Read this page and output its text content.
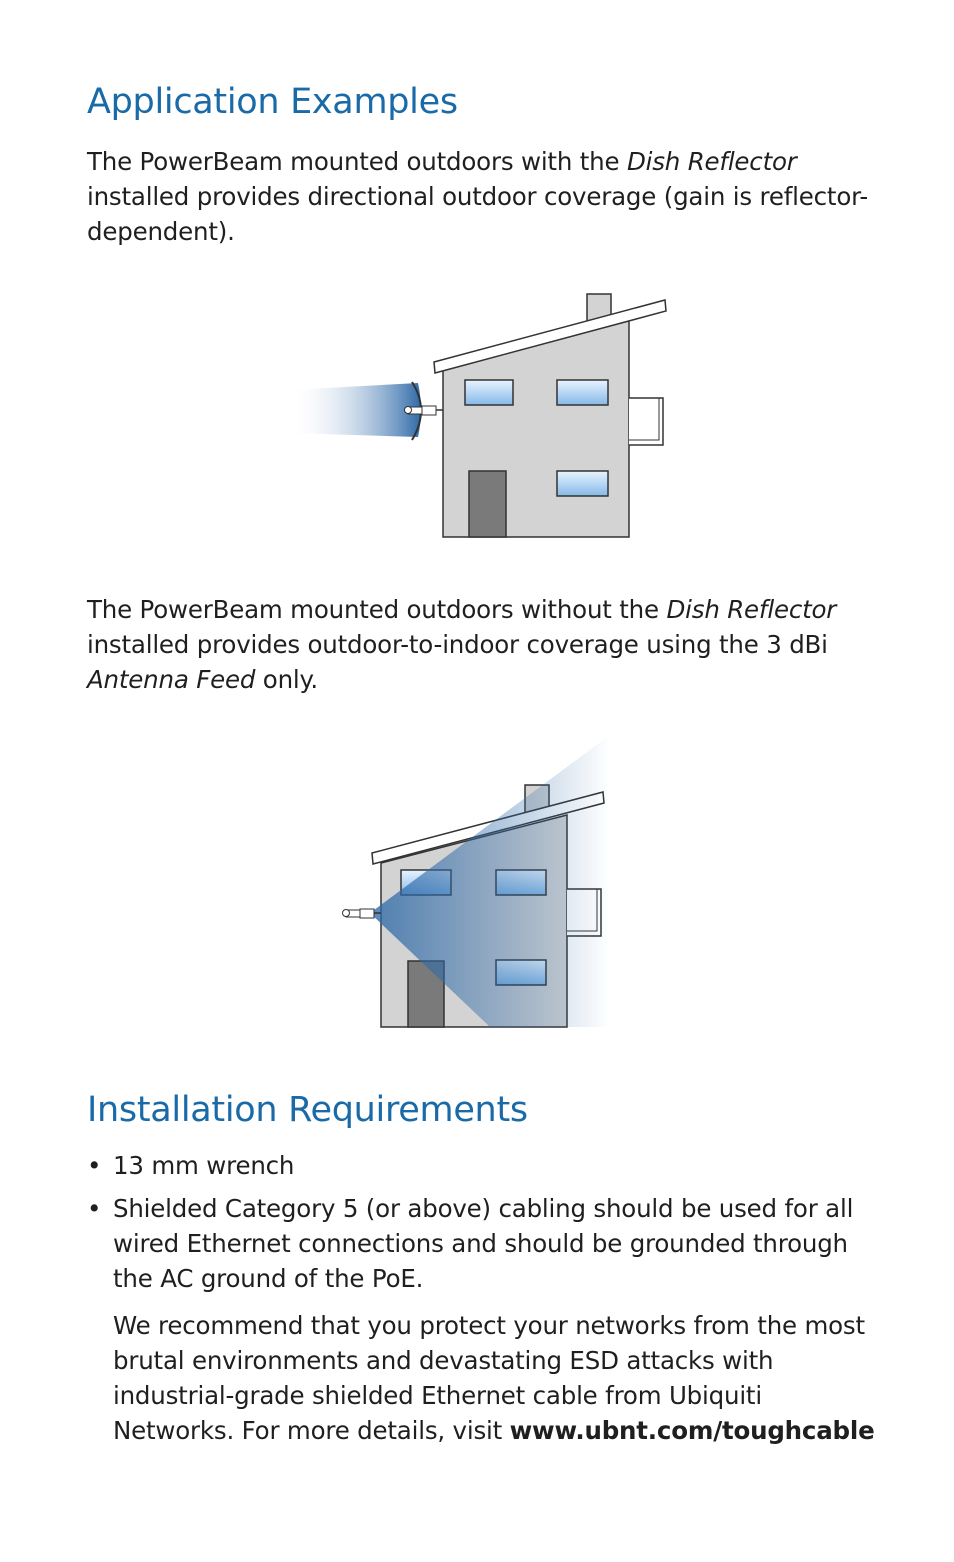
Application Examples

The PowerBeam mounted outdoors with the Dish Reflector
installed provides directional outdoor coverage (gain is reflector-dependent).

The PowerBeam mounted outdoors without the Dish Reflector
installed provides outdoor-to-indoor coverage using the 3 dBi
Antenna Feed only.

Installation Requirements
• 13 mm wrench
• Shielded Category 5 (or above) cabling should be used for all wired Ethernet connections and should be grounded through the AC ground of the PoE.
We recommend that you protect your networks from the most brutal environments and devastating ESD attacks with industrial-grade shielded Ethernet cable from Ubiquiti Networks. For more details, visit www.ubnt.com/toughcable
